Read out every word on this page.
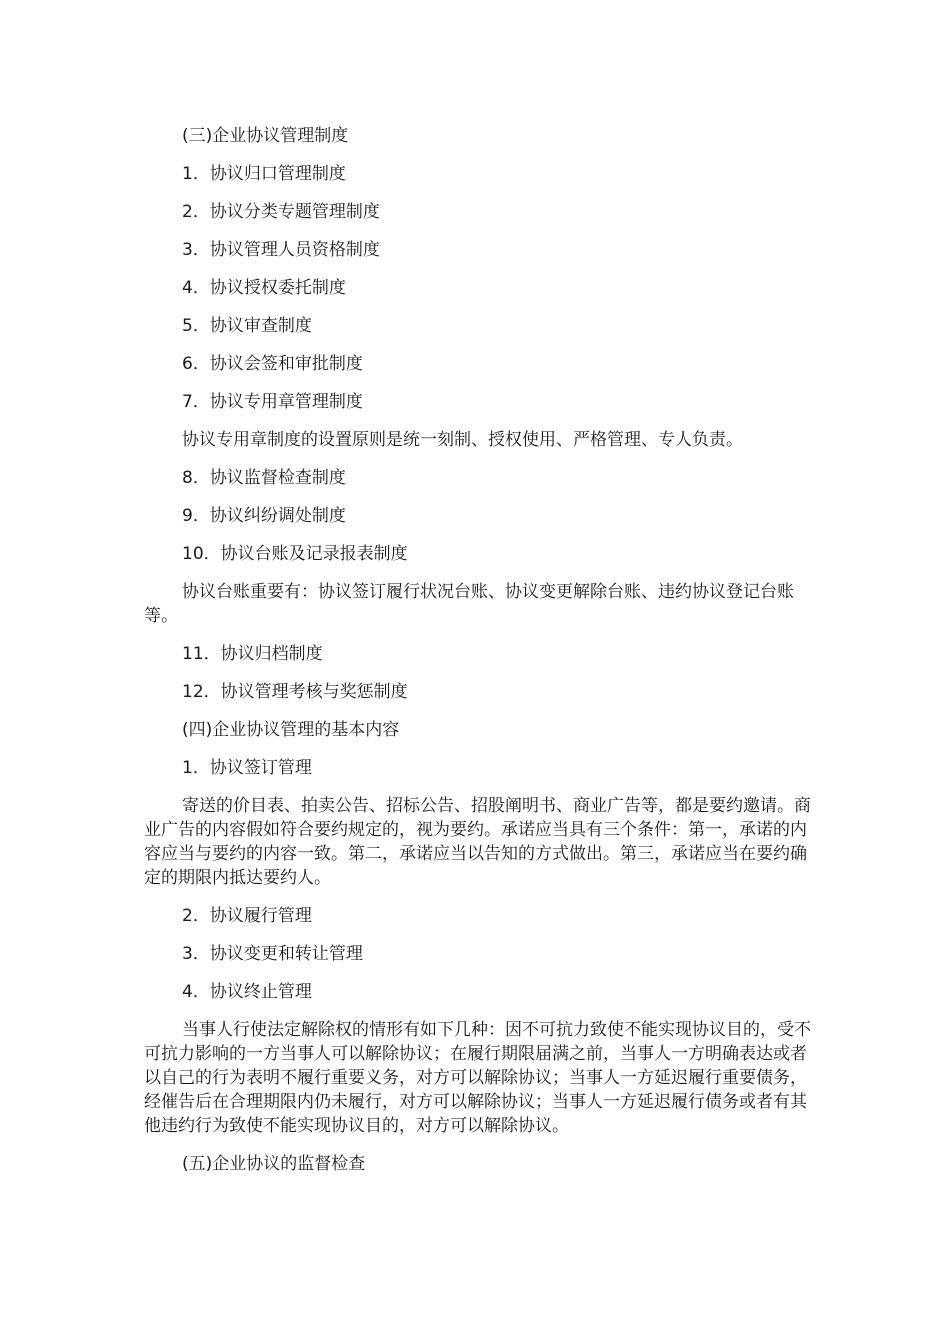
(三)企业协议管理制度

1．协议归口管理制度

2．协议分类专题管理制度

3．协议管理人员资格制度

4．协议授权委托制度

5．协议审查制度

6．协议会签和审批制度

7．协议专用章管理制度

协议专用章制度的设置原则是统一刻制、授权使用、严格管理、专人负责。

8．协议监督检查制度

9．协议纠纷调处制度

10．协议台账及记录报表制度

协议台账重要有：协议签订履行状况台账、协议变更解除台账、违约协议登记台账等。

11．协议归档制度

12．协议管理考核与奖惩制度

(四)企业协议管理的基本内容

1．协议签订管理

寄送的价目表、拍卖公告、招标公告、招股阐明书、商业广告等，都是要约邀请。商业广告的内容假如符合要约规定的，视为要约。承诺应当具有三个条件：第一，承诺的内容应当与要约的内容一致。第二，承诺应当以告知的方式做出。第三，承诺应当在要约确定的期限内抵达要约人。

2．协议履行管理

3．协议变更和转让管理

4．协议终止管理

当事人行使法定解除权的情形有如下几种：因不可抗力致使不能实现协议目的，受不可抗力影响的一方当事人可以解除协议；在履行期限届满之前，当事人一方明确表达或者以自己的行为表明不履行重要义务，对方可以解除协议；当事人一方延迟履行重要债务，经催告后在合理期限内仍未履行，对方可以解除协议；当事人一方延迟履行债务或者有其他违约行为致使不能实现协议目的，对方可以解除协议。

(五)企业协议的监督检查
